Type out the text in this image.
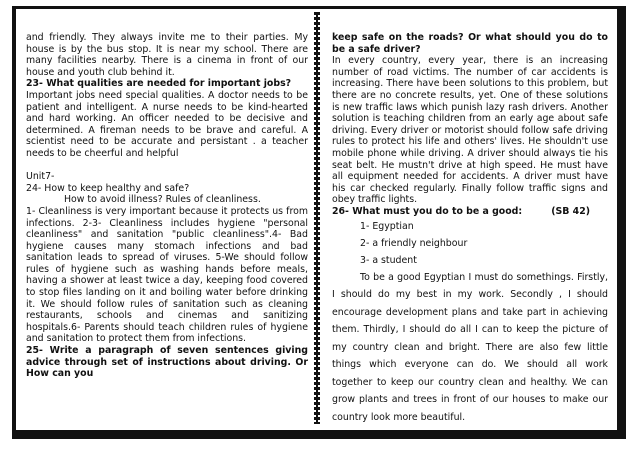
and friendly. They always invite me to their parties. My house is by the bus stop. It is near my school. There are many facilities nearby. There is a cinema in front of our house and youth club behind it.

23- What qualities are needed for important jobs?

Important jobs need special qualities. A doctor needs to be patient and intelligent. A nurse needs to be kind-hearted and hard working. An officer needed to be decisive and determined. A fireman needs to be brave and careful. A scientist need to be accurate and persistant . a teacher needs to be cheerful and helpful

Unit7-

24- How to keep healthy and safe?

How to avoid illness? Rules of cleanliness.

1- Cleanliness is very important because it protects us from infections. 2-3- Cleanliness includes hygiene "personal cleanliness" and sanitation "public cleanliness".4- Bad hygiene causes many stomach infections and bad sanitation leads to spread of viruses. 5-We should follow rules of hygiene such as washing hands before meals, having a shower at least twice a day, keeping food covered to stop files landing on it and boiling water before drinking it. We should follow rules of sanitation such as cleaning restaurants, schools and cinemas and sanitizing hospitals.6- Parents should teach children rules of hygiene and sanitation to protect them from infections.

25- Write a paragraph of seven sentences giving advice through set of instructions about driving. Or How can you

keep safe on the roads? Or what should you do to be a safe driver?

In every country, every year, there is an increasing number of road victims. The number of car accidents is increasing. There have been solutions to this problem, but there are no concrete results, yet. One of these solutions is new traffic laws which punish lazy rash drivers. Another solution is teaching children from an early age about safe driving. Every driver or motorist should follow safe driving rules to protect his life and others' lives. He shouldn't use mobile phone while driving. A driver should always tie his seat belt. He mustn't drive at high speed. He must have all equipment needed for accidents. A driver must have his car checked regularly. Finally follow traffic signs and obey traffic lights.

26- What must you do to be a good:	(SB 42)

1- Egyptian

2- a friendly neighbour

3- a student

To be a good Egyptian I must do somethings. Firstly, I should do my best in my work. Secondly , I should encourage development plans and take part in achieving them. Thirdly, I should do all I can to keep the picture of my country clean and bright. There are also few little things which everyone can do. We should all work together to keep our country clean and healthy. We can grow plants and trees in front of our houses to make our country look more beautiful.
